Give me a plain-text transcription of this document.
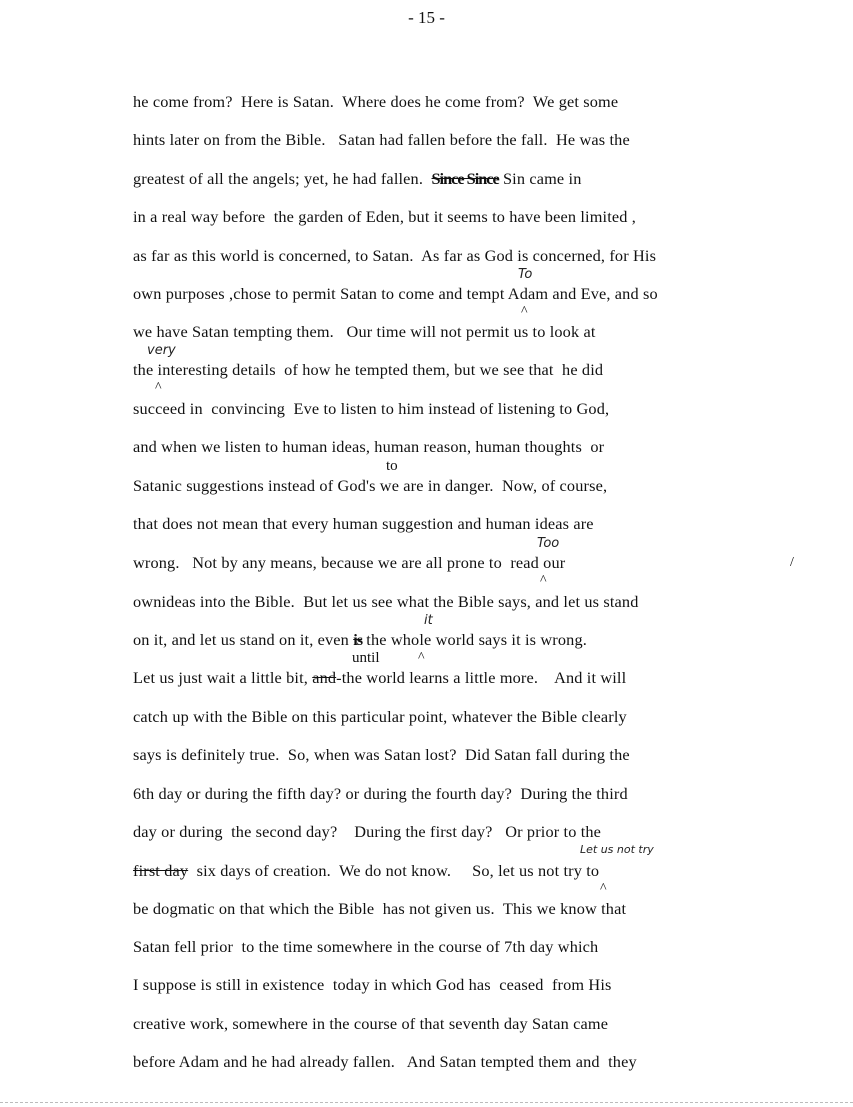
- 15 -
he come from?  Here is Satan.  Where does he come from?  We get some
hints later on from the Bible.   Satan had fallen before the fall.  He was the
greatest of all the angels; yet, he had fallen.  Since Since Sin came in
in a real way before  the garden of Eden, but it seems to have been limited ,
as far as this world is concerned, to Satan.  As far as God is concerned, for His
own purposes ,chose to permit Satan to come and tempt Adam and Eve, and so
we have Satan tempting them.   Our time will not permit us to look at
the interesting details  of how he tempted them, but we see that  he did
succeed in  convincing  Eve to listen to him instead of listening to God,
and when we listen to human ideas, human reason, human thoughts  or
Satanic suggestions instead of God's we are in danger.  Now, of course,
that does not mean that every human suggestion and human ideas are
wrong.   Not by any means, because we are all prone to  read our
ownideas into the Bible.  But let us see what the Bible says, and let us stand
on it, and let us stand on it, even is the whole world says it is wrong.
Let us just wait a little bit, and-the world learns a little more.    And it will
catch up with the Bible on this particular point, whatever the Bible clearly
says is definitely true.  So, when was Satan lost?  Did Satan fall during the
6th day or during the fifth day? or during the fourth day?  During the third
day or during  the second day?    During the first day?   Or prior to the
first day  six days of creation.  We do not know.     So, let us not try to
be dogmatic on that which the Bible  has not given us.  This we know that
Satan fell prior  to the time somewhere in the course of 7th day which
I suppose is still in existence  today in which God has  ceased  from His
creative work, somewhere in the course of that seventh day Satan came
before Adam and he had already fallen.   And Satan tempted them and  they
To
^
very
^
to
Too
^
/
it
^
until
Let us not try
^
